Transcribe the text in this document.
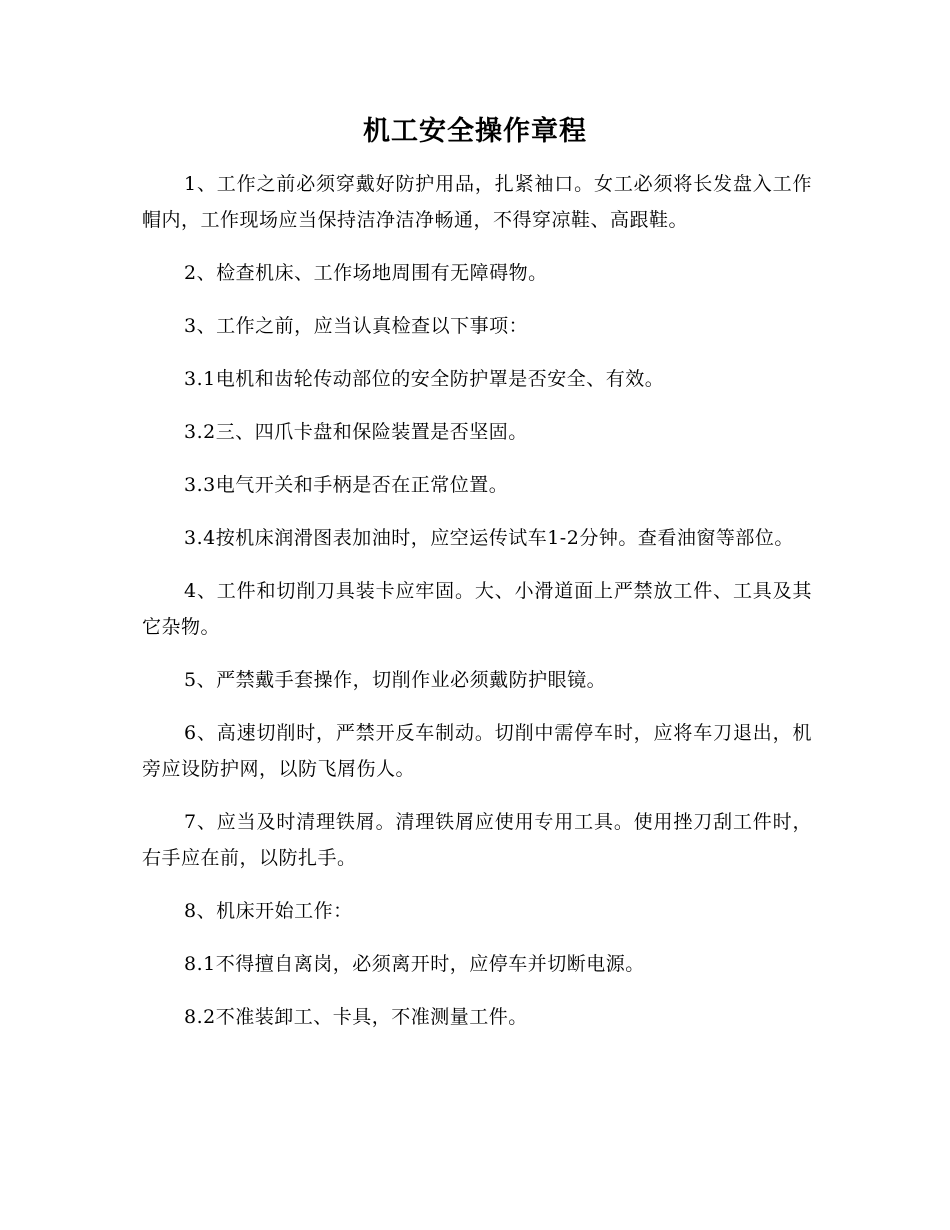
机工安全操作章程

1、工作之前必须穿戴好防护用品，扎紧袖口。女工必须将长发盘入工作帽内，工作现场应当保持洁净洁净畅通，不得穿凉鞋、高跟鞋。

2、检查机床、工作场地周围有无障碍物。

3、工作之前，应当认真检查以下事项：

3.1电机和齿轮传动部位的安全防护罩是否安全、有效。

3.2三、四爪卡盘和保险装置是否坚固。

3.3电气开关和手柄是否在正常位置。

3.4按机床润滑图表加油时，应空运传试车1-2分钟。查看油窗等部位。

4、工件和切削刀具装卡应牢固。大、小滑道面上严禁放工件、工具及其它杂物。

5、严禁戴手套操作，切削作业必须戴防护眼镜。

6、高速切削时，严禁开反车制动。切削中需停车时，应将车刀退出，机旁应设防护网，以防飞屑伤人。

7、应当及时清理铁屑。清理铁屑应使用专用工具。使用挫刀刮工件时，右手应在前，以防扎手。

8、机床开始工作：

8.1不得擅自离岗，必须离开时，应停车并切断电源。

8.2不准装卸工、卡具，不准测量工件。
